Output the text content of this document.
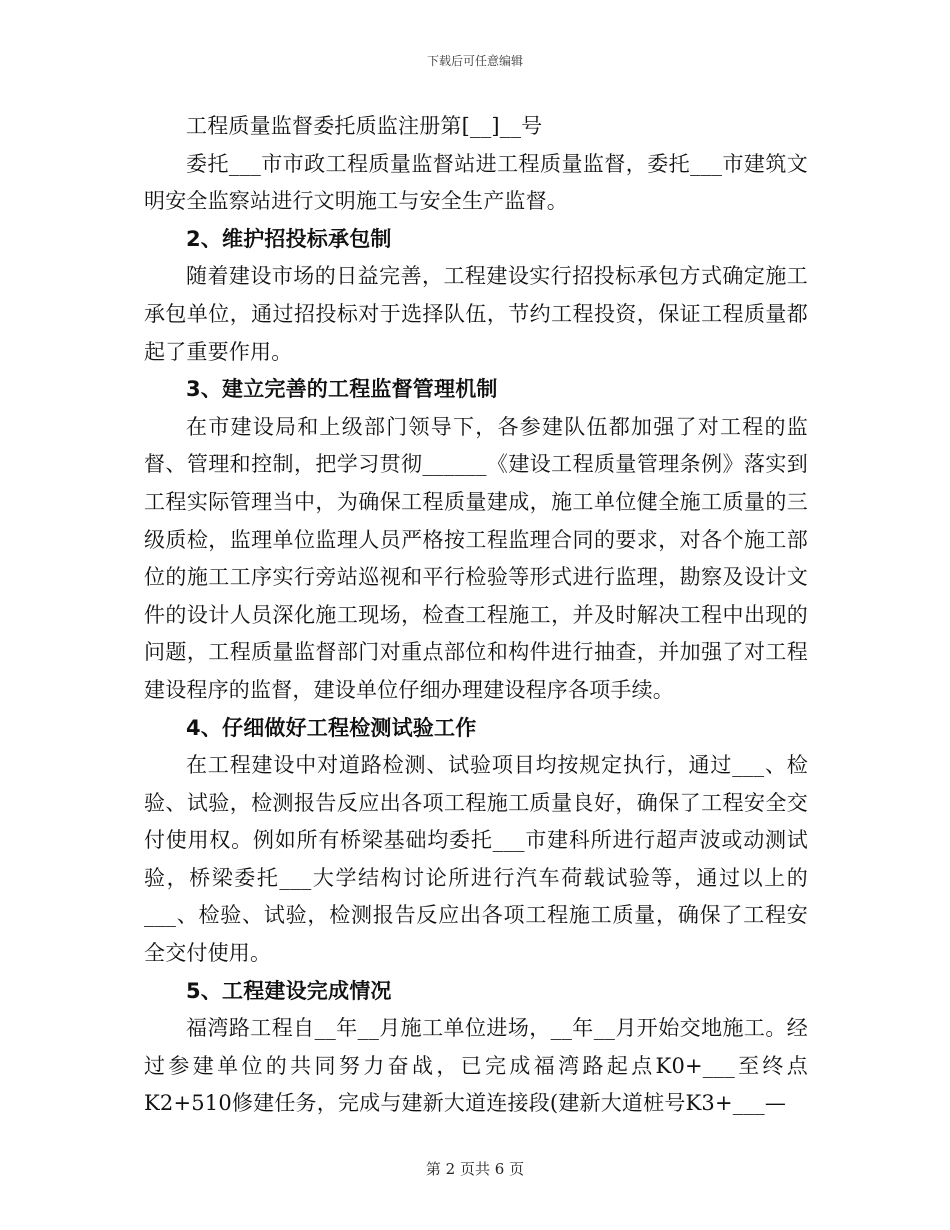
下载后可任意编辑

工程质量监督委托质监注册第[__]__号

委托___市市政工程质量监督站进工程质量监督，委托___市建筑文明安全监察站进行文明施工与安全生产监督。

2、维护招投标承包制

随着建设市场的日益完善，工程建设实行招投标承包方式确定施工承包单位，通过招投标对于选择队伍，节约工程投资，保证工程质量都起了重要作用。

3、建立完善的工程监督管理机制

在市建设局和上级部门领导下，各参建队伍都加强了对工程的监督、管理和控制，把学习贯彻______《建设工程质量管理条例》落实到工程实际管理当中，为确保工程质量建成，施工单位健全施工质量的三级质检，监理单位监理人员严格按工程监理合同的要求，对各个施工部位的施工工序实行旁站巡视和平行检验等形式进行监理，勘察及设计文件的设计人员深化施工现场，检查工程施工，并及时解决工程中出现的问题，工程质量监督部门对重点部位和构件进行抽查，并加强了对工程建设程序的监督，建设单位仔细办理建设程序各项手续。

4、仔细做好工程检测试验工作

在工程建设中对道路检测、试验项目均按规定执行，通过___、检验、试验，检测报告反应出各项工程施工质量良好，确保了工程安全交付使用权。例如所有桥梁基础均委托___市建科所进行超声波或动测试验，桥梁委托___大学结构讨论所进行汽车荷载试验等，通过以上的___、检验、试验，检测报告反应出各项工程施工质量，确保了工程安全交付使用。

5、工程建设完成情况

福湾路工程自__年__月施工单位进场，__年__月开始交地施工。经过参建单位的共同努力奋战，已完成福湾路起点K0+___至终点K2+510修建任务，完成与建新大道连接段(建新大道桩号K3+___—

第 2 页共 6 页
